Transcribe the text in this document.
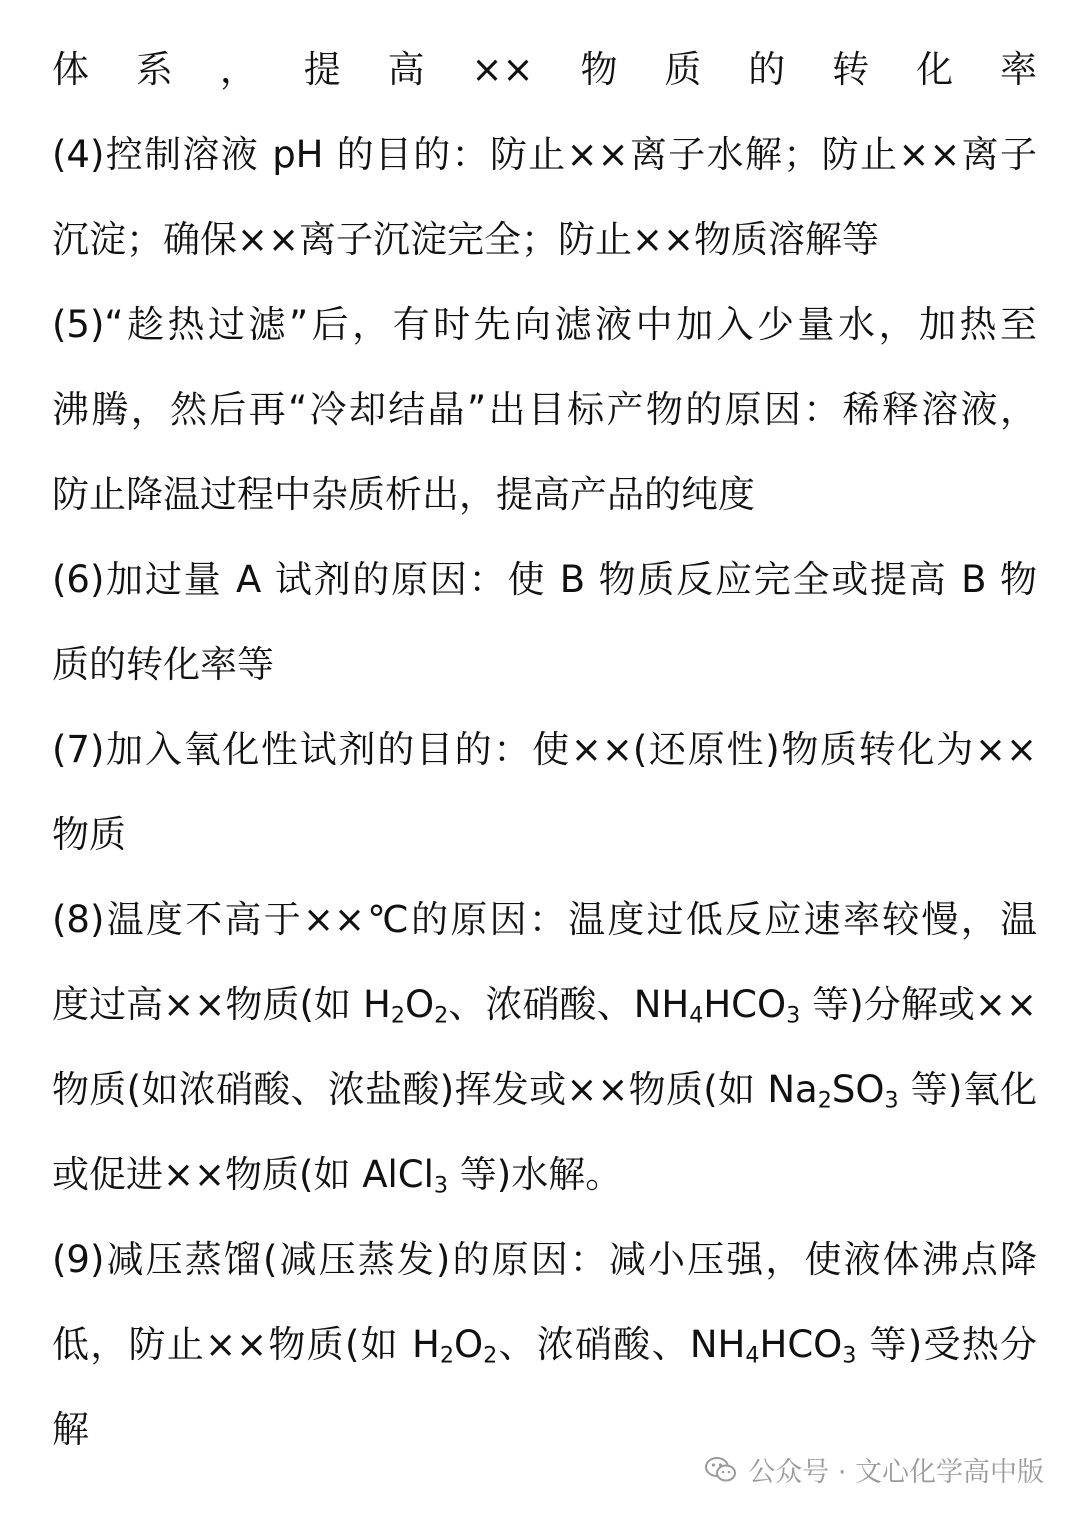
体系，提高××物质的转化率
(4)控制溶液 pH 的目的：防止××离子水解；防止××离子
沉淀；确保××离子沉淀完全；防止××物质溶解等
(5)“趁热过滤”后，有时先向滤液中加入少量水，加热至
沸腾，然后再“冷却结晶”出目标产物的原因：稀释溶液，
防止降温过程中杂质析出，提高产品的纯度
(6)加过量 A 试剂的原因：使 B 物质反应完全或提高 B 物
质的转化率等
(7)加入氧化性试剂的目的：使××(还原性)物质转化为××
物质
(8)温度不高于××℃的原因：温度过低反应速率较慢，温
度过高××物质(如 $H_2O_2$、浓硝酸、$NH_4HCO_3$ 等)分解或××
物质(如浓硝酸、浓盐酸)挥发或××物质(如 $Na_2SO_3$ 等)氧化
或促进××物质(如 AlCl$_3$ 等)水解。
(9)减压蒸馏(减压蒸发)的原因：减小压强，使液体沸点降
低，防止××物质(如 $H_2O_2$、浓硝酸、$NH_4HCO_3$ 等)受热分
解
公众号 · 文心化学高中版
